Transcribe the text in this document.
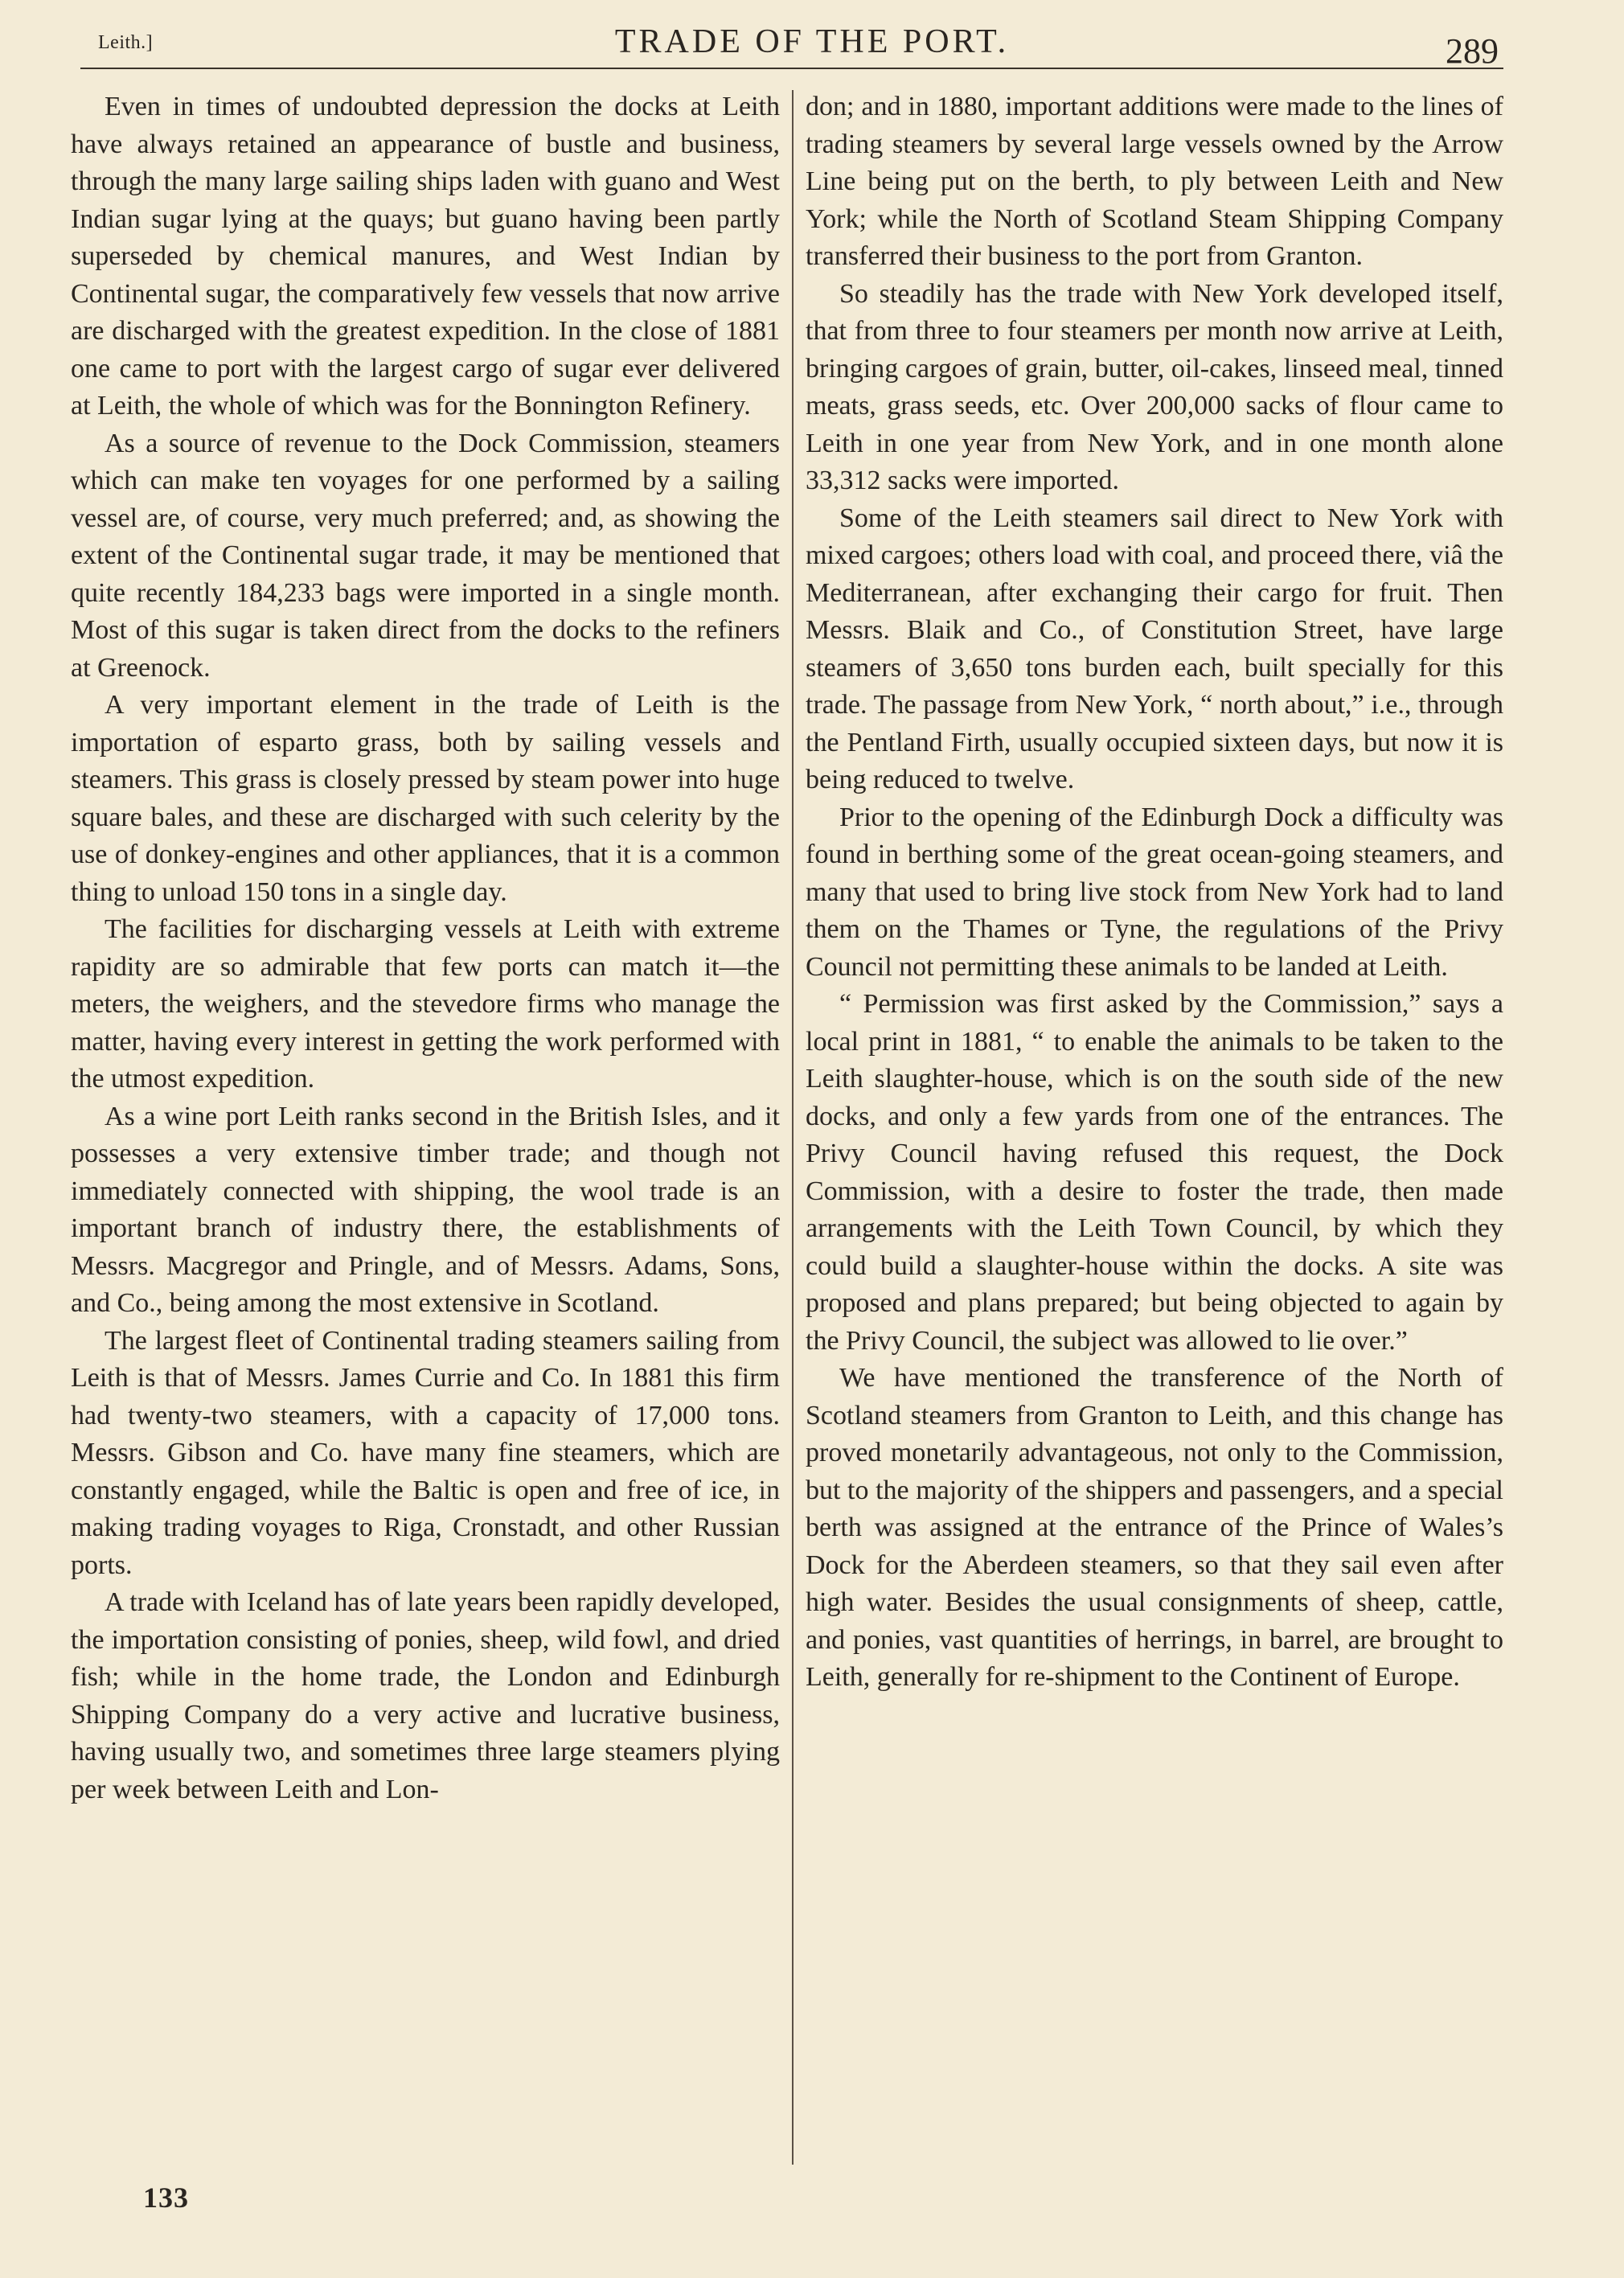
Leith.]	TRADE OF THE PORT.	289

Even in times of undoubted depression the docks at Leith have always retained an appearance of bustle and business, through the many large sailing ships laden with guano and West Indian sugar lying at the quays; but guano having been partly superseded by chemical manures, and West Indian by Continental sugar, the comparatively few vessels that now arrive are discharged with the greatest expedition. In the close of 1881 one came to port with the largest cargo of sugar ever delivered at Leith, the whole of which was for the Bonnington Refinery.

As a source of revenue to the Dock Commission, steamers which can make ten voyages for one performed by a sailing vessel are, of course, very much preferred; and, as showing the extent of the Continental sugar trade, it may be mentioned that quite recently 184,233 bags were imported in a single month. Most of this sugar is taken direct from the docks to the refiners at Greenock.

A very important element in the trade of Leith is the importation of esparto grass, both by sailing vessels and steamers. This grass is closely pressed by steam power into huge square bales, and these are discharged with such celerity by the use of donkey-engines and other appliances, that it is a common thing to unload 150 tons in a single day.

The facilities for discharging vessels at Leith with extreme rapidity are so admirable that few ports can match it—the meters, the weighers, and the stevedore firms who manage the matter, having every interest in getting the work performed with the utmost expedition.

As a wine port Leith ranks second in the British Isles, and it possesses a very extensive timber trade; and though not immediately connected with shipping, the wool trade is an important branch of industry there, the establishments of Messrs. Macgregor and Pringle, and of Messrs. Adams, Sons, and Co., being among the most extensive in Scotland.

The largest fleet of Continental trading steamers sailing from Leith is that of Messrs. James Currie and Co. In 1881 this firm had twenty-two steamers, with a capacity of 17,000 tons. Messrs. Gibson and Co. have many fine steamers, which are constantly engaged, while the Baltic is open and free of ice, in making trading voyages to Riga, Cronstadt, and other Russian ports.

A trade with Iceland has of late years been rapidly developed, the importation consisting of ponies, sheep, wild fowl, and dried fish; while in the home trade, the London and Edinburgh Shipping Company do a very active and lucrative business, having usually two, and sometimes three large steamers plying per week between Leith and Lon-

don; and in 1880, important additions were made to the lines of trading steamers by several large vessels owned by the Arrow Line being put on the berth, to ply between Leith and New York; while the North of Scotland Steam Shipping Company transferred their business to the port from Granton.

So steadily has the trade with New York developed itself, that from three to four steamers per month now arrive at Leith, bringing cargoes of grain, butter, oil-cakes, linseed meal, tinned meats, grass seeds, etc. Over 200,000 sacks of flour came to Leith in one year from New York, and in one month alone 33,312 sacks were imported.

Some of the Leith steamers sail direct to New York with mixed cargoes; others load with coal, and proceed there, viâ the Mediterranean, after exchanging their cargo for fruit. Then Messrs. Blaik and Co., of Constitution Street, have large steamers of 3,650 tons burden each, built specially for this trade. The passage from New York, “ north about,” i.e., through the Pentland Firth, usually occupied sixteen days, but now it is being reduced to twelve.

Prior to the opening of the Edinburgh Dock a difficulty was found in berthing some of the great ocean-going steamers, and many that used to bring live stock from New York had to land them on the Thames or Tyne, the regulations of the Privy Council not permitting these animals to be landed at Leith.

“ Permission was first asked by the Commission,” says a local print in 1881, “ to enable the animals to be taken to the Leith slaughter-house, which is on the south side of the new docks, and only a few yards from one of the entrances. The Privy Council having refused this request, the Dock Commission, with a desire to foster the trade, then made arrangements with the Leith Town Council, by which they could build a slaughter-house within the docks. A site was proposed and plans prepared; but being objected to again by the Privy Council, the subject was allowed to lie over.”

We have mentioned the transference of the North of Scotland steamers from Granton to Leith, and this change has proved monetarily advantageous, not only to the Commission, but to the majority of the shippers and passengers, and a special berth was assigned at the entrance of the Prince of Wales’s Dock for the Aberdeen steamers, so that they sail even after high water. Besides the usual consignments of sheep, cattle, and ponies, vast quantities of herrings, in barrel, are brought to Leith, generally for re-shipment to the Continent of Europe.

133
